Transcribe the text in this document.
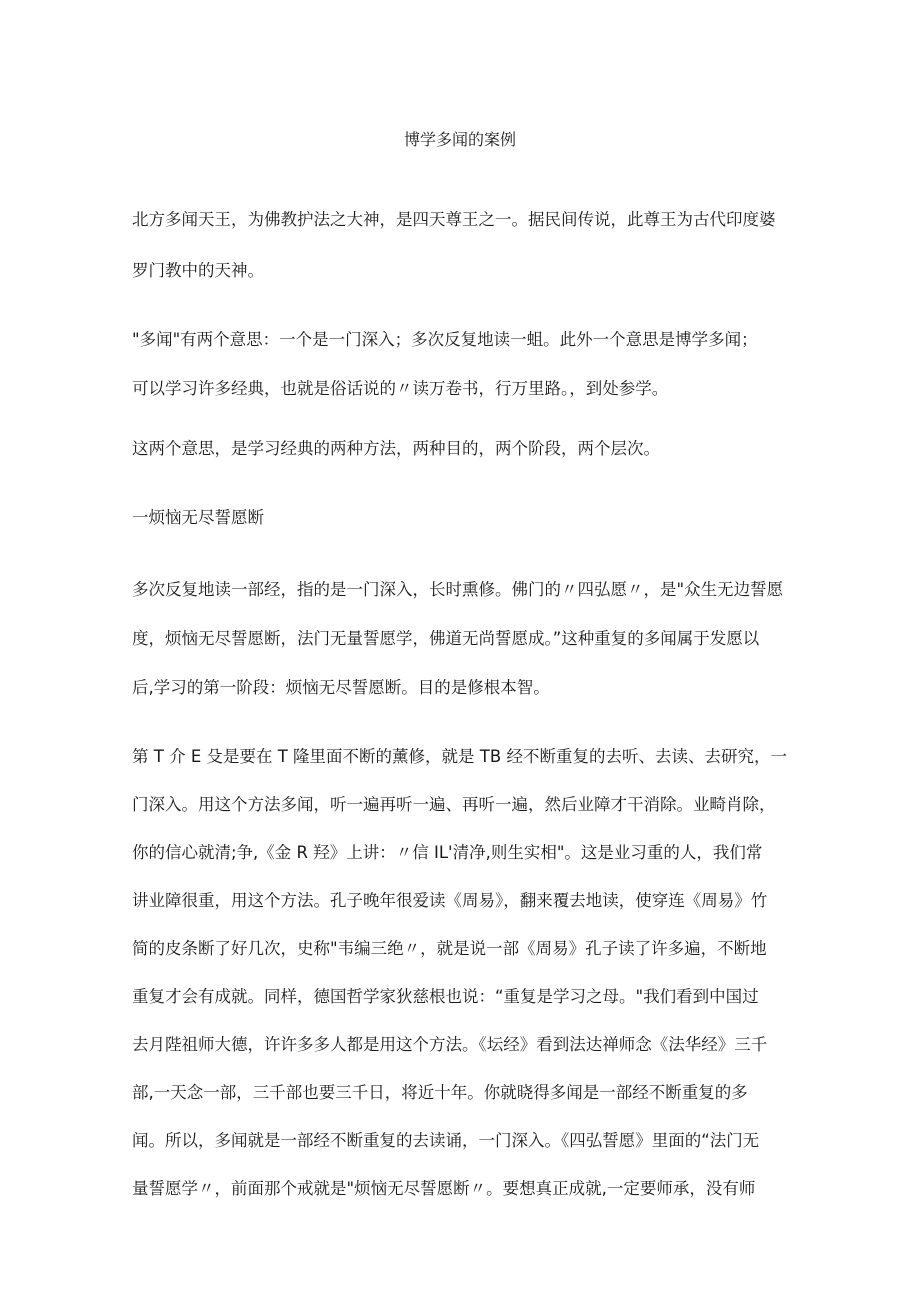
博学多闻的案例
北方多闻天王，为佛教护法之大神，是四天尊王之一。据民间传说，此尊王为古代印度婆
罗门教中的天神。
"多闻"有两个意思：一个是一门深入；多次反复地读一蛆。此外一个意思是博学多闻；
可以学习许多经典，也就是俗话说的〃读万卷书，行万里路。，到处参学。
这两个意思，是学习经典的两种方法，两种目的，两个阶段，两个层次。
一烦恼无尽誓愿断
多次反复地读一部经，指的是一门深入，长时熏修。佛门的〃四弘愿〃，是"众生无边誓愿
度，烦恼无尽誓愿断，法门无量誓愿学，佛道无尚誓愿成。”这种重复的多闻属于发愿以
后,学习的第一阶段：烦恼无尽誓愿断。目的是修根本智。
第 T 介 E 殳是要在 T 隆里面不断的薰修，就是 TB 经不断重复的去听、去读、去研究，一
门深入。用这个方法多闻，听一遍再听一遍、再听一遍，然后业障才干消除。业畸肖除，
你的信心就清;争,《金 R 羟》上讲：〃信 IL'清净,则生实相"。这是业习重的人，我们常
讲业障很重，用这个方法。孔子晚年很爱读《周易》，翻来覆去地读，使穿连《周易》竹
简的皮条断了好几次，史称"韦编三绝〃，就是说一部《周易》孔子读了许多遍，不断地
重复才会有成就。同样，德国哲学家狄慈根也说：“重复是学习之母。"我们看到中国过
去月陛祖师大德，许许多多人都是用这个方法。《坛经》看到法达禅师念《法华经》三千
部,一天念一部，三千部也要三千日，将近十年。你就晓得多闻是一部经不断重复的多
闻。所以，多闻就是一部经不断重复的去读诵，一门深入。《四弘誓愿》里面的“法门无
量誓愿学〃，前面那个戒就是"烦恼无尽誓愿断〃。要想真正成就,一定要师承，没有师
